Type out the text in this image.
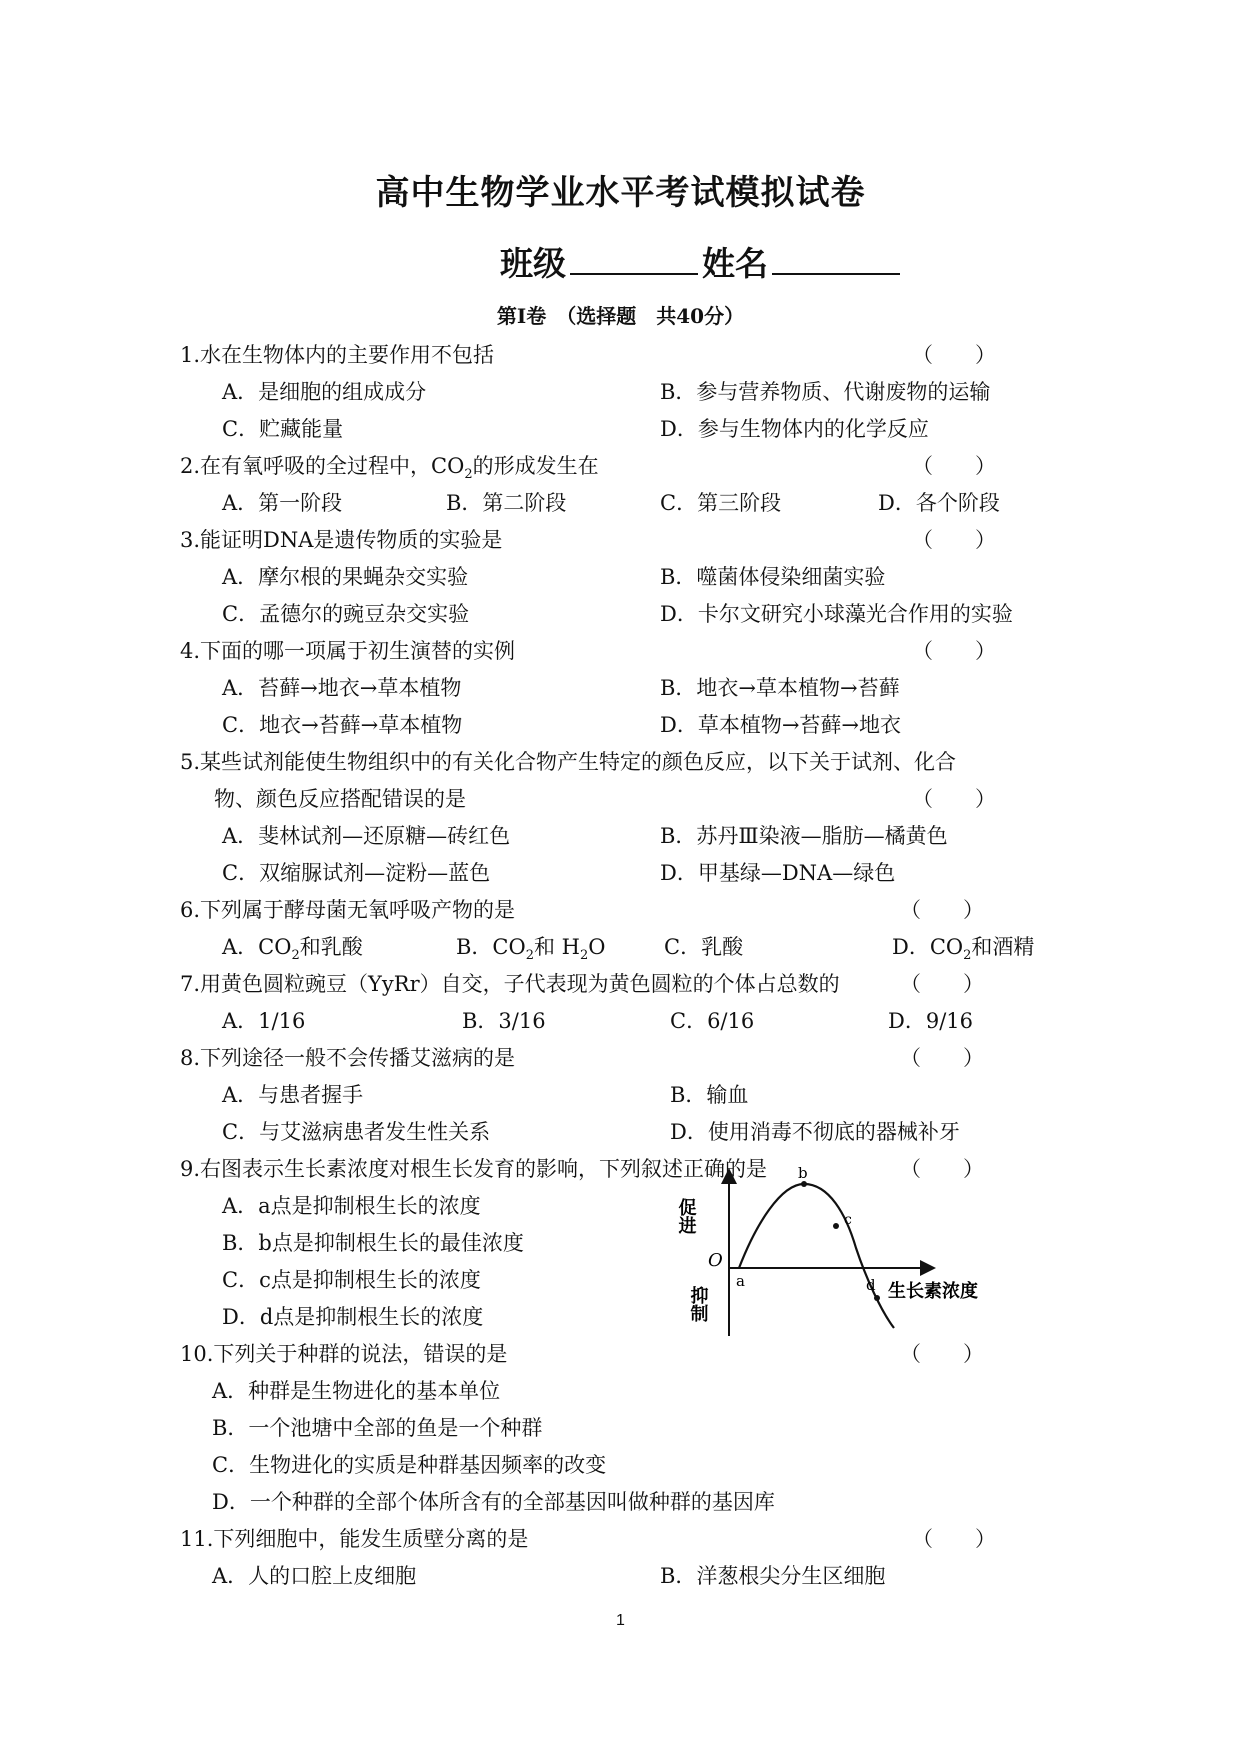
高中生物学业水平考试模拟试卷
班级	姓名
第Ⅰ卷　（选择题　共40分）
1.水在生物体内的主要作用不包括	（　　）
A．是细胞的组成成分	B．参与营养物质、代谢废物的运输
C．贮藏能量	D．参与生物体内的化学反应
2.在有氧呼吸的全过程中，$CO_2$的形成发生在	（　　）
A．第一阶段	B．第二阶段	C．第三阶段	D．各个阶段
3.能证明DNA是遗传物质的实验是	（　　）
A．摩尔根的果蝇杂交实验	B．噬菌体侵染细菌实验
C．孟德尔的豌豆杂交实验	D．卡尔文研究小球藻光合作用的实验
4.下面的哪一项属于初生演替的实例	（　　）
A．苔藓→地衣→草本植物	B．地衣→草本植物→苔藓
C．地衣→苔藓→草本植物	D．草本植物→苔藓→地衣
5.某些试剂能使生物组织中的有关化合物产生特定的颜色反应，以下关于试剂、化合
物、颜色反应搭配错误的是	（　　）
A．斐林试剂—还原糖—砖红色	B．苏丹Ⅲ染液—脂肪—橘黄色
C．双缩脲试剂—淀粉—蓝色	D．甲基绿—DNA—绿色
6.下列属于酵母菌无氧呼吸产物的是	（　　）
A．$CO_2$和乳酸	B．$CO_2$和 $H_2O$	C．乳酸	D．$CO_2$和酒精
7.用黄色圆粒豌豆（YyRr）自交，子代表现为黄色圆粒的个体占总数的	（　　）
A．1/16	B．3/16	C．6/16	D．9/16
8.下列途径一般不会传播艾滋病的是	（　　）
A．与患者握手	B．输血
C．与艾滋病患者发生性关系	D．使用消毒不彻底的器械补牙
9.右图表示生长素浓度对根生长发育的影响，下列叙述正确的是	（　　）
A．a点是抑制根生长的浓度
B．b点是抑制根生长的最佳浓度
C．c点是抑制根生长的浓度
D．d点是抑制根生长的浓度
促进
抑制
O
a
b
c
d 生长素浓度
10.下列关于种群的说法，错误的是	（　　）
A．种群是生物进化的基本单位
B．一个池塘中全部的鱼是一个种群
C．生物进化的实质是种群基因频率的改变
D．一个种群的全部个体所含有的全部基因叫做种群的基因库
11.下列细胞中，能发生质壁分离的是	（　　）
A．人的口腔上皮细胞	B．洋葱根尖分生区细胞
1
